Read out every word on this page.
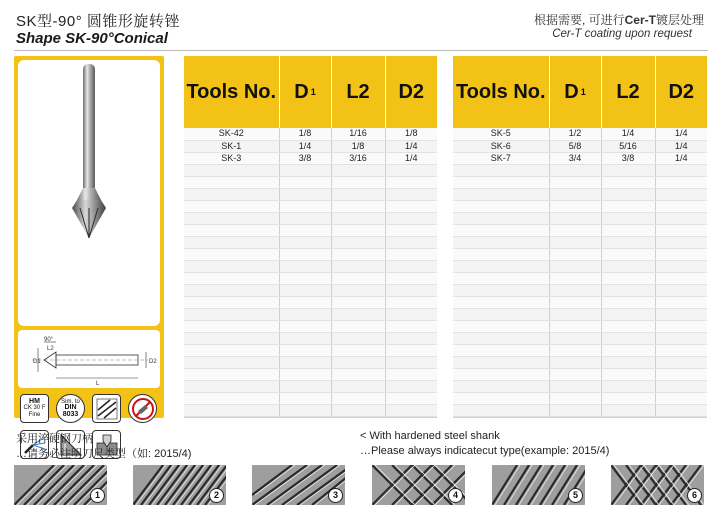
SK型-90° 圆锥形旋转锉
Shape SK-90°Conical
根据需要, 可进行Cer-T镀层处理
Cer-T coating upon request
D1
90°
L2
D2
L
HM
CK 30 F
Fine
Sim. to
DIN
8033
Tools No.	D 1	L2	D2
SK-42	1/8	1/16	1/8
SK-1	1/4	1/8	1/4
SK-3	3/8	3/16	1/4

Tools No.	D 1	L2	D2
SK-5	1/2	1/4	1/4
SK-6	5/8	5/16	1/4
SK-7	3/4	3/8	1/4

采用淬硬钢刀柄
…请务必注明刀尺类型（如: 2015/4)
< With hardened steel shank
…Please always indicatecut type(example: 2015/4)
1	2	3	4	5	6
